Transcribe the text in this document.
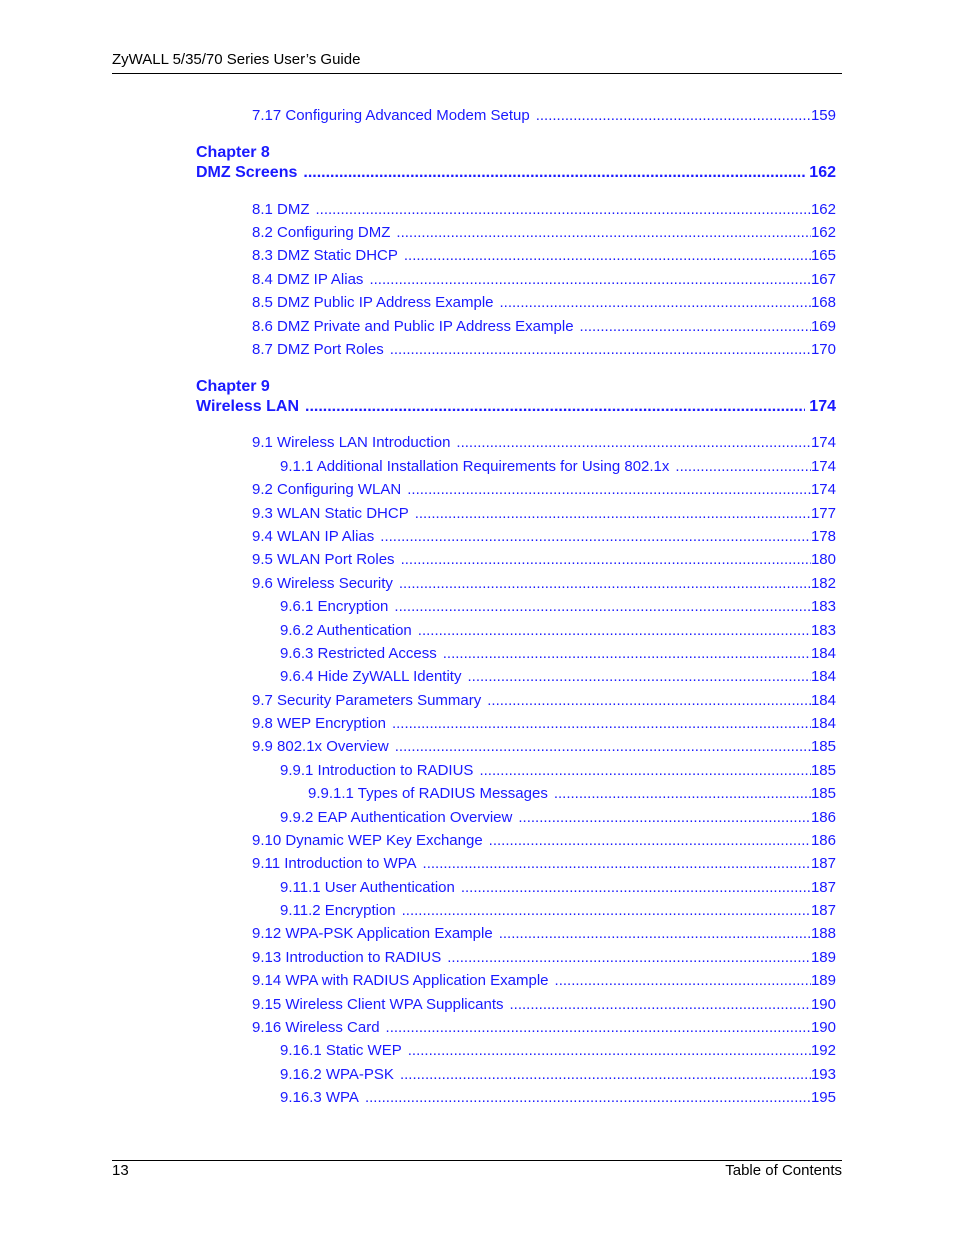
ZyWALL 5/35/70 Series User’s Guide
7.17 Configuring Advanced Modem Setup .....	159
Chapter 8
DMZ Screens .....	162
8.1 DMZ .....	162
8.2 Configuring DMZ .....	162
8.3 DMZ Static DHCP .....	165
8.4 DMZ IP Alias .....	167
8.5 DMZ Public IP Address Example .....	168
8.6 DMZ Private and Public IP Address Example .....	169
8.7 DMZ Port Roles .....	170
Chapter 9
Wireless LAN .....	174
9.1 Wireless LAN Introduction .....	174
9.1.1 Additional Installation Requirements for Using 802.1x .....	174
9.2 Configuring WLAN .....	174
9.3 WLAN Static DHCP .....	177
9.4 WLAN IP Alias .....	178
9.5 WLAN Port Roles .....	180
9.6 Wireless Security .....	182
9.6.1 Encryption .....	183
9.6.2 Authentication .....	183
9.6.3 Restricted Access .....	184
9.6.4 Hide ZyWALL Identity .....	184
9.7 Security Parameters Summary .....	184
9.8 WEP Encryption .....	184
9.9 802.1x Overview .....	185
9.9.1 Introduction to RADIUS .....	185
9.9.1.1 Types of RADIUS Messages .....	185
9.9.2 EAP Authentication Overview .....	186
9.10 Dynamic WEP Key Exchange .....	186
9.11 Introduction to WPA .....	187
9.11.1 User Authentication .....	187
9.11.2 Encryption .....	187
9.12 WPA-PSK Application Example .....	188
9.13 Introduction to RADIUS .....	189
9.14 WPA with RADIUS Application Example .....	189
9.15 Wireless Client WPA Supplicants .....	190
9.16 Wireless Card .....	190
9.16.1 Static WEP .....	192
9.16.2 WPA-PSK .....	193
9.16.3 WPA .....	195
13	Table of Contents
